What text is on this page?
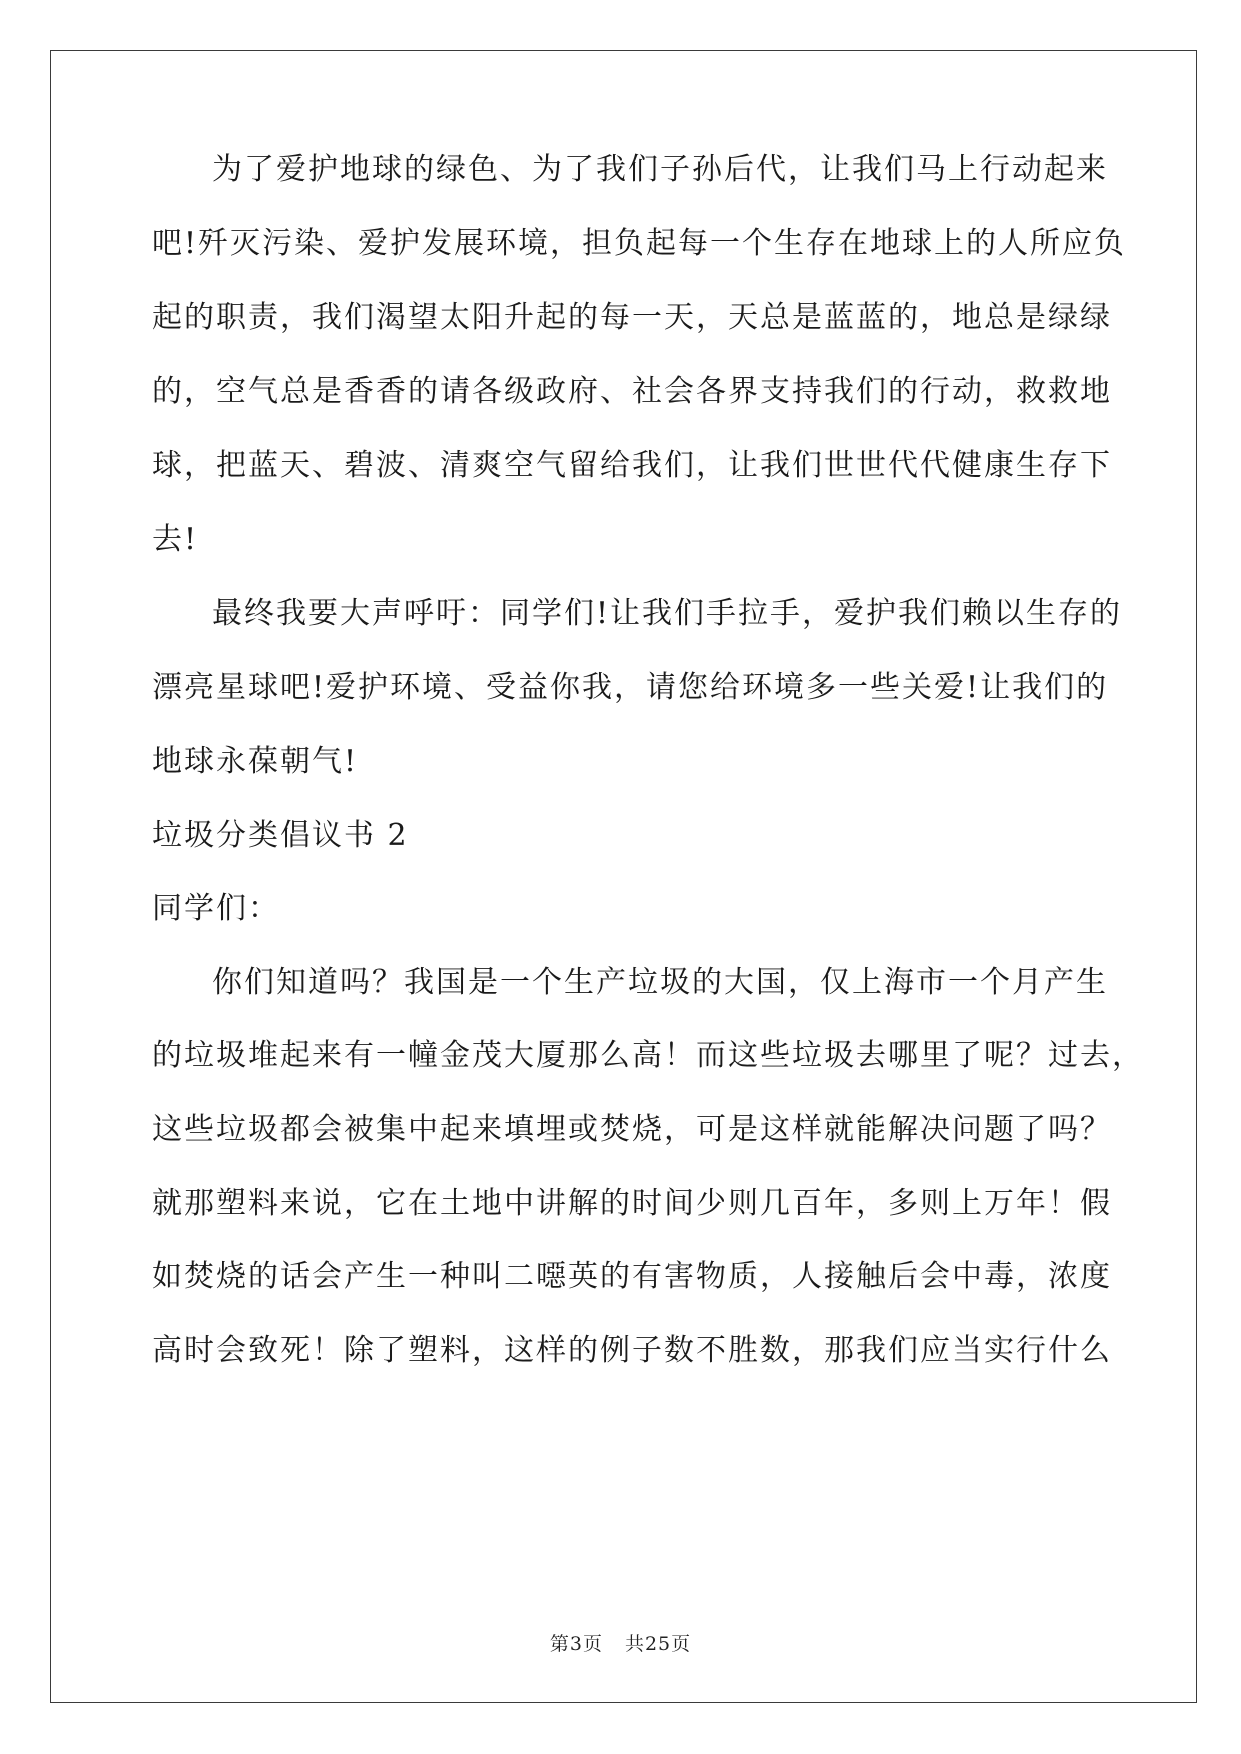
为了爱护地球的绿色、为了我们子孙后代，让我们马上行动起来
吧!歼灭污染、爱护发展环境，担负起每一个生存在地球上的人所应负
起的职责，我们渴望太阳升起的每一天，天总是蓝蓝的，地总是绿绿
的，空气总是香香的请各级政府、社会各界支持我们的行动，救救地
球，把蓝天、碧波、清爽空气留给我们，让我们世世代代健康生存下
去!
最终我要大声呼吁：同学们!让我们手拉手，爱护我们赖以生存的
漂亮星球吧!爱护环境、受益你我，请您给环境多一些关爱!让我们的
地球永葆朝气!
垃圾分类倡议书 2
同学们：
你们知道吗？我国是一个生产垃圾的大国，仅上海市一个月产生
的垃圾堆起来有一幢金茂大厦那么高！而这些垃圾去哪里了呢？过去，
这些垃圾都会被集中起来填埋或焚烧，可是这样就能解决问题了吗？
就那塑料来说，它在土地中讲解的时间少则几百年，多则上万年！假
如焚烧的话会产生一种叫二噁英的有害物质，人接触后会中毒，浓度
高时会致死！除了塑料，这样的例子数不胜数，那我们应当实行什么
第3页 共25页
